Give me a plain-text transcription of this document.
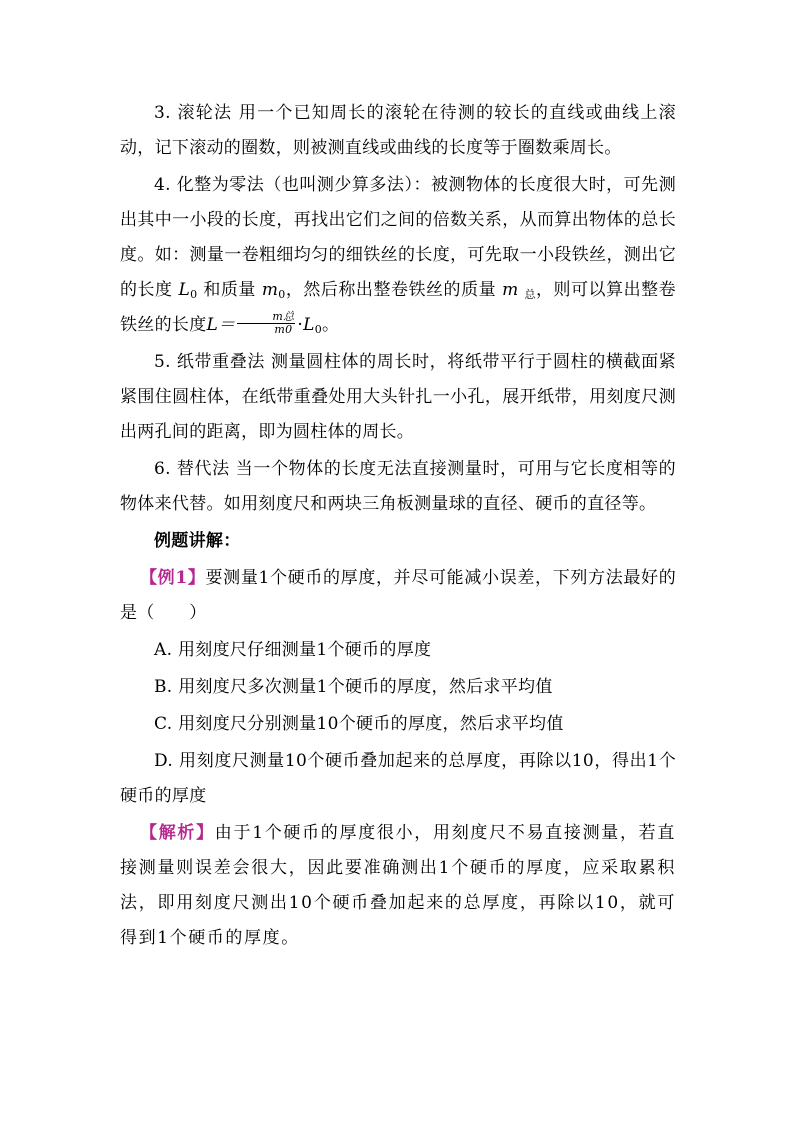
3. 滚轮法 用一个已知周长的滚轮在待测的较长的直线或曲线上滚动，记下滚动的圈数，则被测直线或曲线的长度等于圈数乘周长。

4. 化整为零法（也叫测少算多法）：被测物体的长度很大时，可先测出其中一小段的长度，再找出它们之间的倍数关系，从而算出物体的总长度。如：测量一卷粗细均匀的细铁丝的长度，可先取一小段铁丝，测出它的长度 $L_0$ 和质量 $m_0$，然后称出整卷铁丝的质量 m $_总$，则可以算出整卷铁丝的长度$L= \frac{\text{m总}}{m0} \cdot L_0$。

5. 纸带重叠法 测量圆柱体的周长时，将纸带平行于圆柱的横截面紧紧围住圆柱体，在纸带重叠处用大头针扎一小孔，展开纸带，用刻度尺测出两孔间的距离，即为圆柱体的周长。

6. 替代法 当一个物体的长度无法直接测量时，可用与它长度相等的物体来代替。如用刻度尺和两块三角板测量球的直径、硬币的直径等。

例题讲解：

【例1】要测量1个硬币的厚度，并尽可能减小误差，下列方法最好的是（　　）

A. 用刻度尺仔细测量1个硬币的厚度

B. 用刻度尺多次测量1个硬币的厚度，然后求平均值

C. 用刻度尺分别测量10个硬币的厚度，然后求平均值

D. 用刻度尺测量10个硬币叠加起来的总厚度，再除以10，得出1个硬币的厚度

【解析】由于1个硬币的厚度很小，用刻度尺不易直接测量，若直接测量则误差会很大，因此要准确测出1个硬币的厚度，应采取累积法，即用刻度尺测出10个硬币叠加起来的总厚度，再除以10，就可得到1个硬币的厚度。
